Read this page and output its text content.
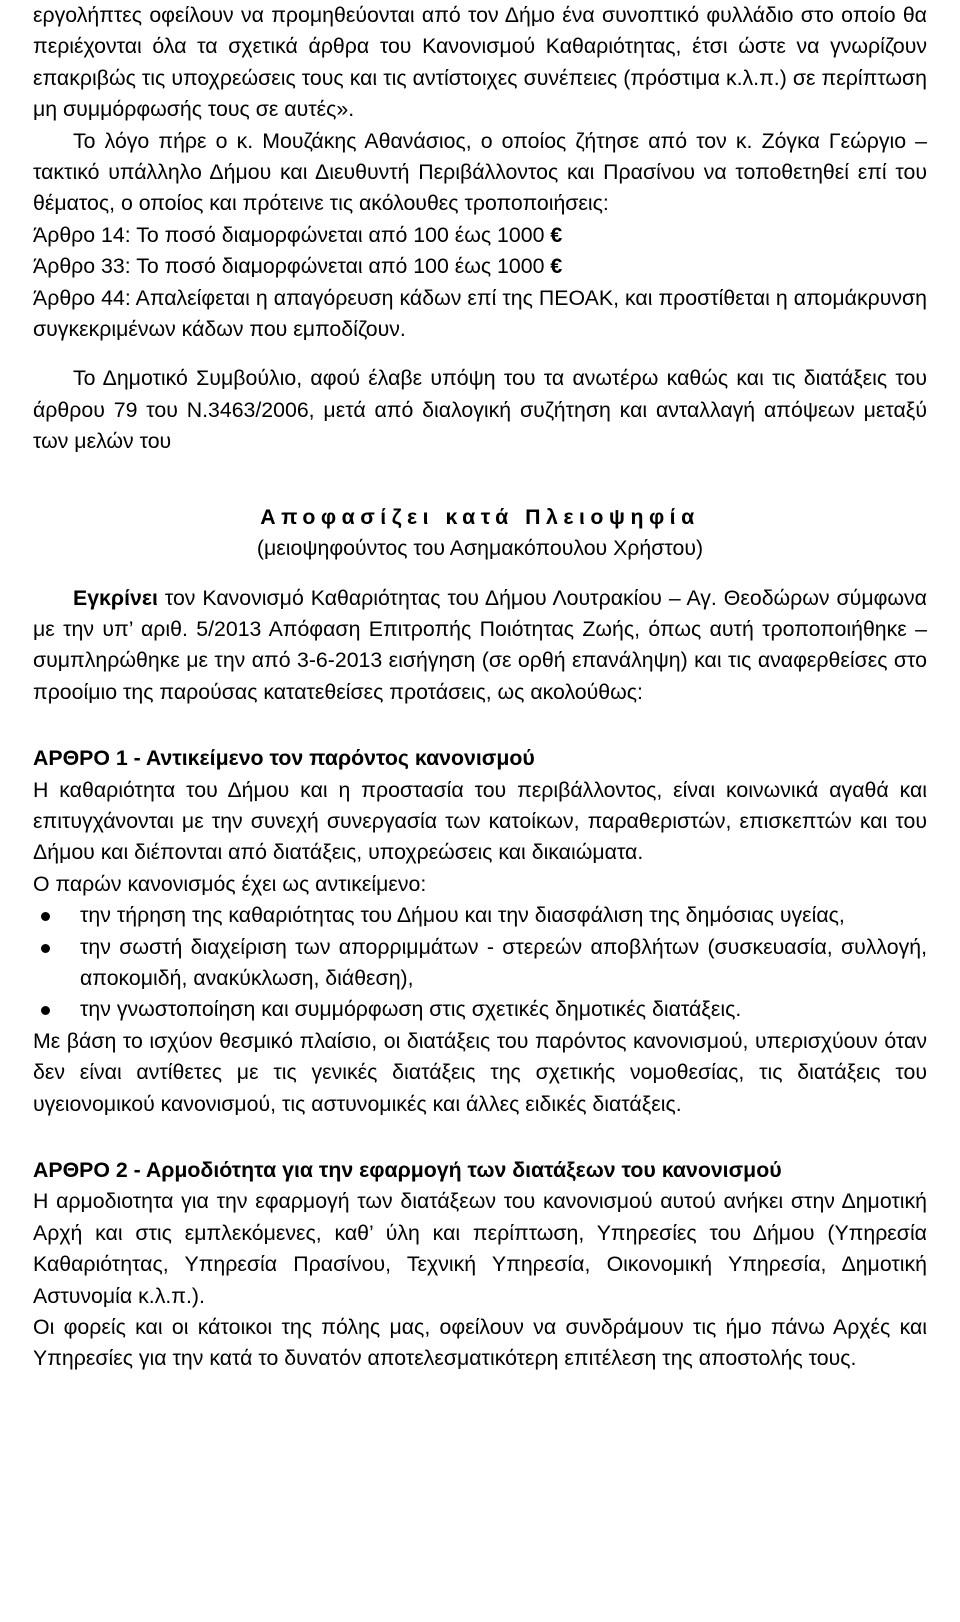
εργολήπτες οφείλουν να προμηθεύονται από τον Δήμο ένα συνοπτικό φυλλάδιο στο οποίο θα περιέχονται όλα τα σχετικά άρθρα του Κανονισμού Καθαριότητας, έτσι ώστε να γνωρίζουν επακριβώς τις υποχρεώσεις τους και τις αντίστοιχες συνέπειες (πρόστιμα κ.λ.π.) σε περίπτωση μη συμμόρφωσής τους σε αυτές».

Το λόγο πήρε ο κ. Μουζάκης Αθανάσιος, ο οποίος ζήτησε από τον κ. Ζόγκα Γεώργιο – τακτικό υπάλληλο Δήμου και Διευθυντή Περιβάλλοντος και Πρασίνου να τοποθετηθεί επί του θέματος, ο οποίος και πρότεινε τις ακόλουθες τροποποιήσεις:

Άρθρο 14: Το ποσό διαμορφώνεται από 100 έως 1000 €

Άρθρο 33: Το ποσό διαμορφώνεται από 100 έως 1000 €

Άρθρο 44: Απαλείφεται η απαγόρευση κάδων επί της ΠΕΟΑΚ, και προστίθεται η απομάκρυνση συγκεκριμένων κάδων που εμποδίζουν.

Το Δημοτικό Συμβούλιο, αφού έλαβε υπόψη του τα ανωτέρω καθώς και τις διατάξεις του άρθρου 79 του Ν.3463/2006, μετά από διαλογική συζήτηση και ανταλλαγή απόψεων μεταξύ των μελών του

Αποφασίζει κατά Πλειοψηφία

(μειοψηφούντος του Ασημακόπουλου Χρήστου)

Εγκρίνει τον Κανονισμό Καθαριότητας του Δήμου Λουτρακίου – Αγ. Θεοδώρων σύμφωνα με την υπ’ αριθ. 5/2013 Απόφαση Επιτροπής Ποιότητας Ζωής, όπως αυτή τροποποιήθηκε – συμπληρώθηκε με την από 3-6-2013 εισήγηση (σε ορθή επανάληψη) και τις αναφερθείσες στο προοίμιο της παρούσας κατατεθείσες προτάσεις, ως ακολούθως:

ΑΡΘΡΟ 1 - Αντικείμενο τον παρόντος κανονισμού

Η καθαριότητα του Δήμου και η προστασία του περιβάλλοντος, είναι κοινωνικά αγαθά και επιτυγχάνονται με την συνεχή συνεργασία των κατοίκων, παραθεριστών, επισκεπτών και του Δήμου και διέπονται από διατάξεις, υποχρεώσεις και δικαιώματα.

Ο παρών κανονισμός έχει ως αντικείμενο:

την τήρηση της καθαριότητας του Δήμου και την διασφάλιση της δημόσιας υγείας,
την σωστή διαχείριση των απορριμμάτων - στερεών αποβλήτων (συσκευασία, συλλογή, αποκομιδή, ανακύκλωση, διάθεση),
την γνωστοποίηση και συμμόρφωση στις σχετικές δημοτικές διατάξεις.

Με βάση το ισχύον θεσμικό πλαίσιο, οι διατάξεις του παρόντος κανονισμού, υπερισχύουν όταν δεν είναι αντίθετες με τις γενικές διατάξεις της σχετικής νομοθεσίας, τις διατάξεις του υγειονομικού κανονισμού, τις αστυνομικές και άλλες ειδικές διατάξεις.

ΑΡΘΡΟ 2 - Αρμοδιότητα για την εφαρμογή των διατάξεων του κανονισμού

Η αρμοδιοτητα για την εφαρμογή των διατάξεων του κανονισμού αυτού ανήκει στην Δημοτική Αρχή και στις εμπλεκόμενες, καθ’ ύλη και περίπτωση, Υπηρεσίες του Δήμου (Υπηρεσία Καθαριότητας, Υπηρεσία Πρασίνου, Τεχνική Υπηρεσία, Οικονομική Υπηρεσία, Δημοτική Αστυνομία κ.λ.π.).

Οι φορείς και οι κάτοικοι της πόλης μας, οφείλουν να συνδράμουν τις ήμο πάνω Αρχές και Υπηρεσίες για την κατά το δυνατόν αποτελεσματικότερη επιτέλεση της αποστολής τους.
